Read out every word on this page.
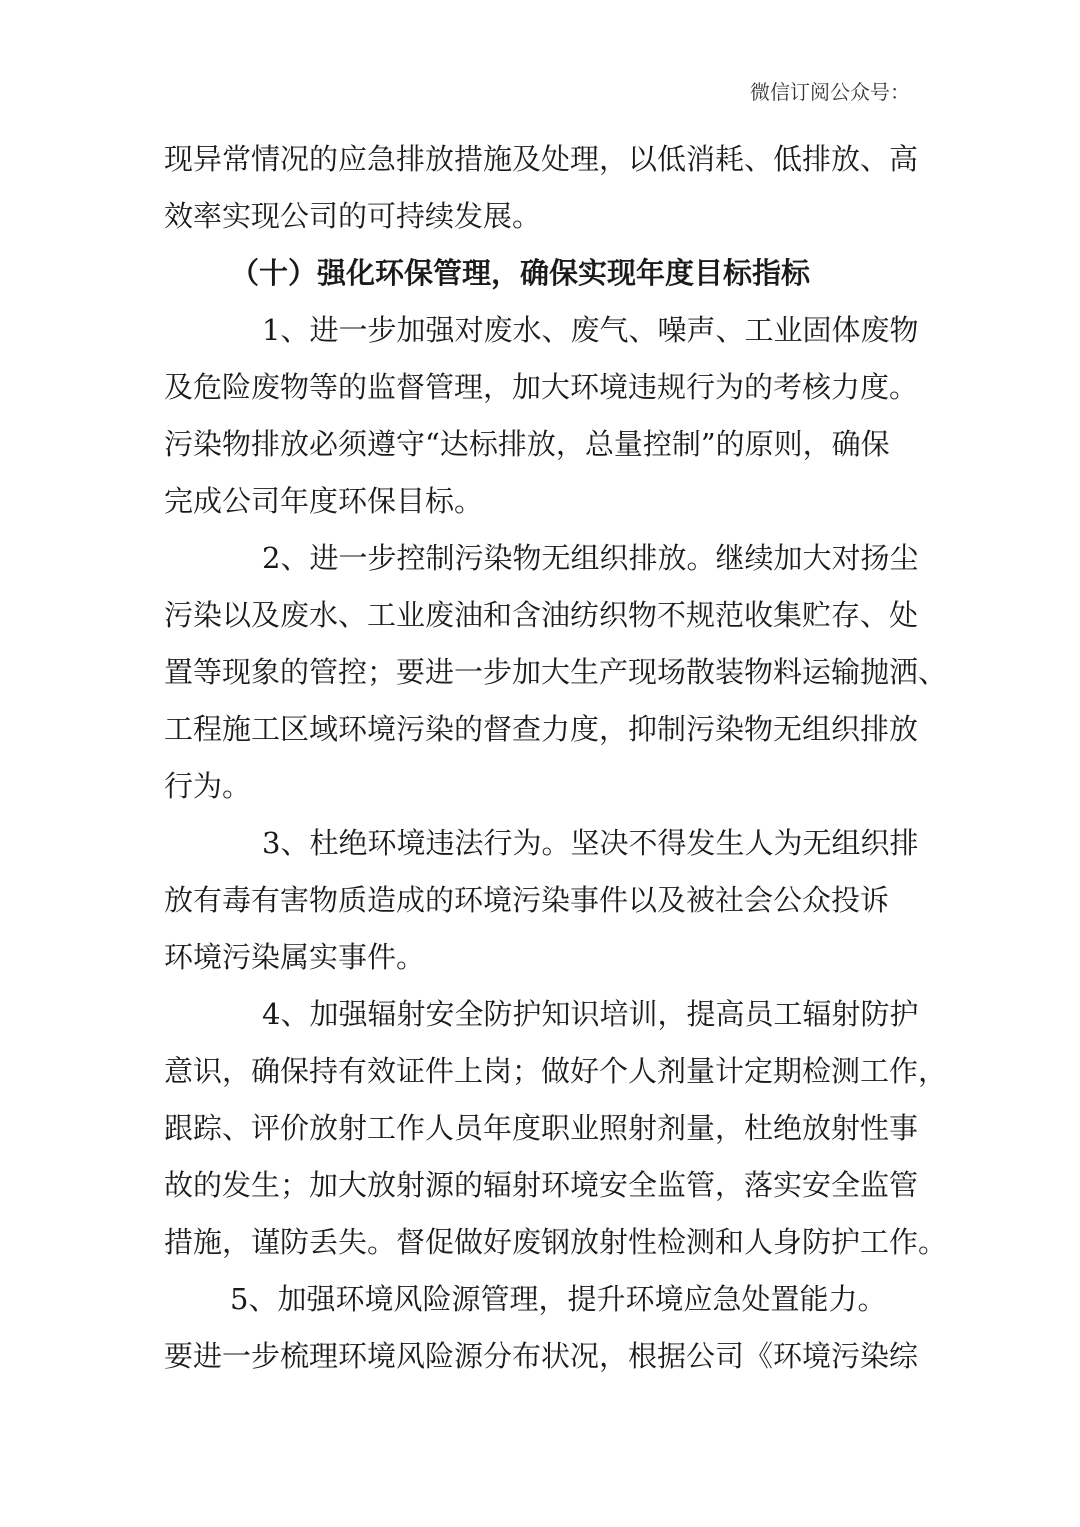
微信订阅公众号：
现异常情况的应急排放措施及处理，以低消耗、低排放、高
效率实现公司的可持续发展。
（十）强化环保管理，确保实现年度目标指标
1、进一步加强对废水、废气、噪声、工业固体废物
及危险废物等的监督管理，加大环境违规行为的考核力度。
污染物排放必须遵守“达标排放，总量控制”的原则，确保
完成公司年度环保目标。
2、进一步控制污染物无组织排放。继续加大对扬尘
污染以及废水、工业废油和含油纺织物不规范收集贮存、处
置等现象的管控；要进一步加大生产现场散装物料运输抛洒、
工程施工区域环境污染的督查力度，抑制污染物无组织排放
行为。
3、杜绝环境违法行为。坚决不得发生人为无组织排
放有毒有害物质造成的环境污染事件以及被社会公众投诉
环境污染属实事件。
4、加强辐射安全防护知识培训，提高员工辐射防护
意识，确保持有效证件上岗；做好个人剂量计定期检测工作，
跟踪、评价放射工作人员年度职业照射剂量，杜绝放射性事
故的发生；加大放射源的辐射环境安全监管，落实安全监管
措施，谨防丢失。督促做好废钢放射性检测和人身防护工作。
5、加强环境风险源管理，提升环境应急处置能力。
要进一步梳理环境风险源分布状况，根据公司《环境污染综
